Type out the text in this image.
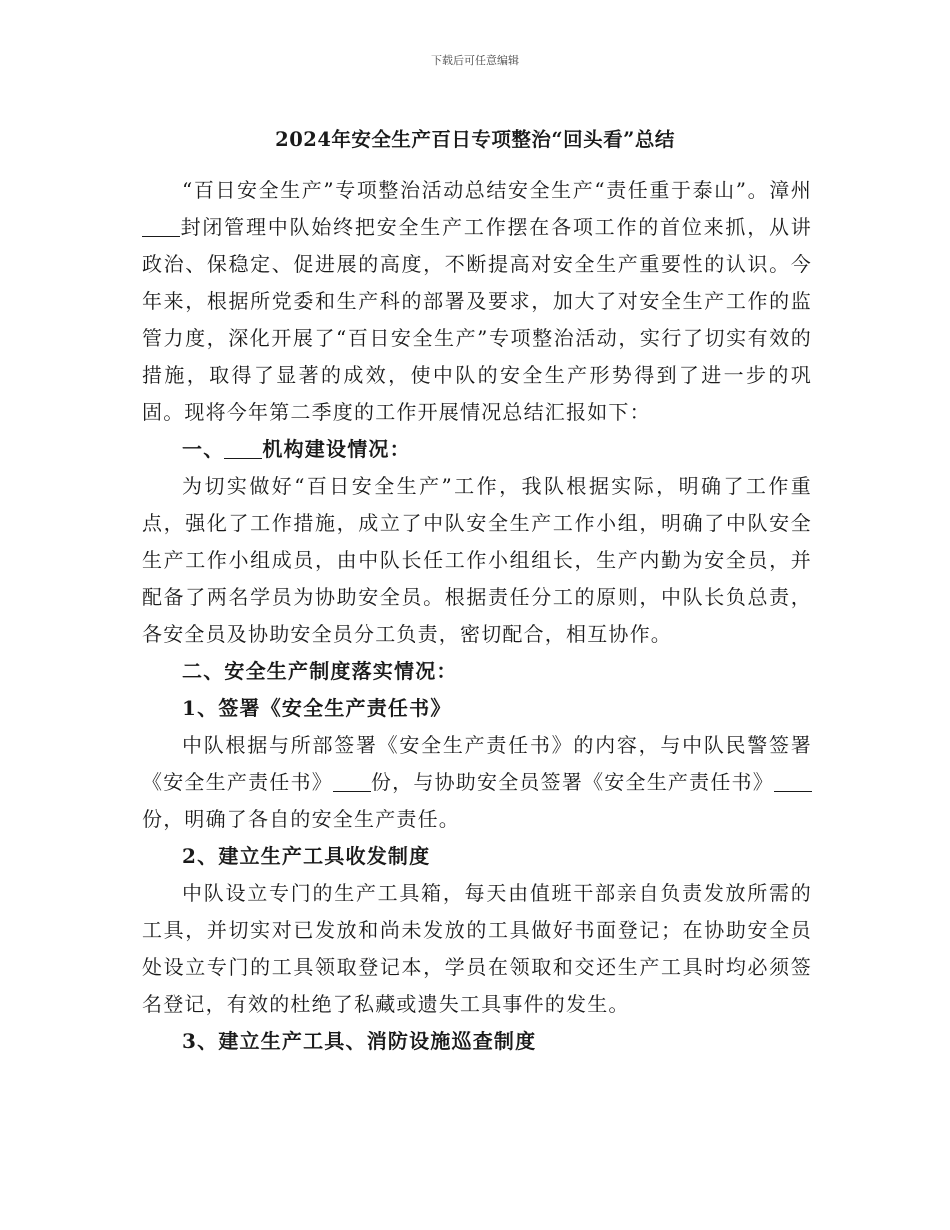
下载后可任意编辑
2024年安全生产百日专项整治“回头看”总结

“百日安全生产”专项整治活动总结安全生产“责任重于泰山”。漳州封闭管理中队始终把安全生产工作摆在各项工作的首位来抓，从讲政治、保稳定、促进展的高度，不断提高对安全生产重要性的认识。今年来，根据所党委和生产科的部署及要求，加大了对安全生产工作的监管力度，深化开展了“百日安全生产”专项整治活动，实行了切实有效的措施，取得了显著的成效，使中队的安全生产形势得到了进一步的巩固。现将今年第二季度的工作开展情况总结汇报如下：

一、 机构建设情况：

为切实做好“百日安全生产”工作，我队根据实际，明确了工作重点，强化了工作措施，成立了中队安全生产工作小组，明确了中队安全生产工作小组成员，由中队长任工作小组组长，生产内勤为安全员，并配备了两名学员为协助安全员。根据责任分工的原则，中队长负总责，各安全员及协助安全员分工负责，密切配合，相互协作。

二、安全生产制度落实情况：

1、签署《安全生产责任书》

中队根据与所部签署《安全生产责任书》的内容，与中队民警签署《安全生产责任书》 份，与协助安全员签署《安全生产责任书》份，明确了各自的安全生产责任。

2、建立生产工具收发制度

中队设立专门的生产工具箱，每天由值班干部亲自负责发放所需的工具，并切实对已发放和尚未发放的工具做好书面登记；在协助安全员处设立专门的工具领取登记本，学员在领取和交还生产工具时均必须签名登记，有效的杜绝了私藏或遗失工具事件的发生。

3、建立生产工具、消防设施巡查制度
